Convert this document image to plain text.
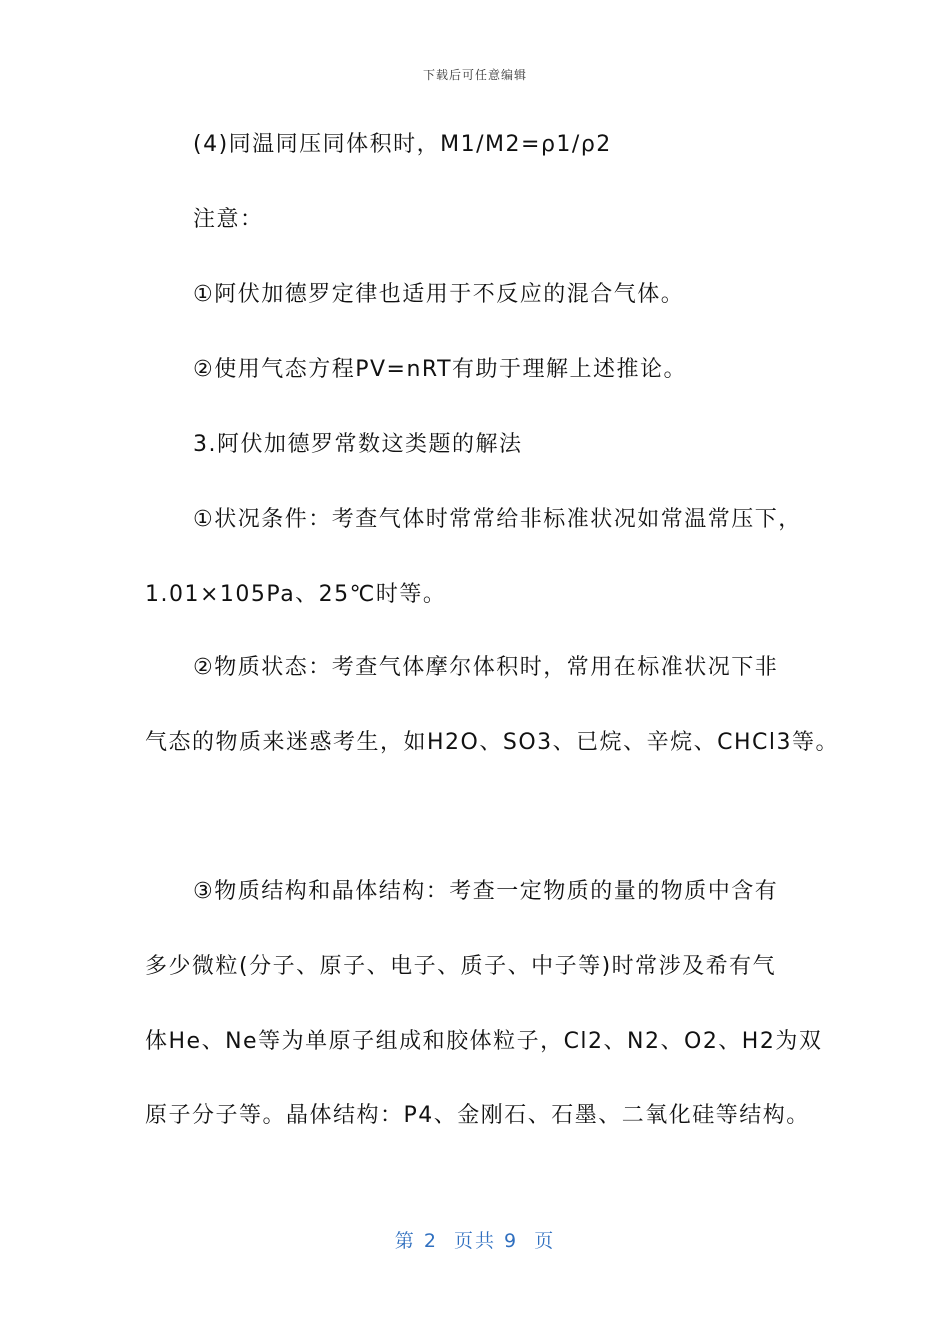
下载后可任意编辑
(4)同温同压同体积时，M1/M2=ρ1/ρ2
注意：
①阿伏加德罗定律也适用于不反应的混合气体。
②使用气态方程PV=nRT有助于理解上述推论。
3.阿伏加德罗常数这类题的解法
①状况条件：考查气体时常常给非标准状况如常温常压下，
1.01×105Pa、25℃时等。
②物质状态：考查气体摩尔体积时，常用在标准状况下非
气态的物质来迷惑考生，如H2O、SO3、已烷、辛烷、CHCl3等。
③物质结构和晶体结构：考查一定物质的量的物质中含有
多少微粒(分子、原子、电子、质子、中子等)时常涉及希有气
体He、Ne等为单原子组成和胶体粒子，Cl2、N2、O2、H2为双
原子分子等。晶体结构：P4、金刚石、石墨、二氧化硅等结构。
第 2  页共 9  页
